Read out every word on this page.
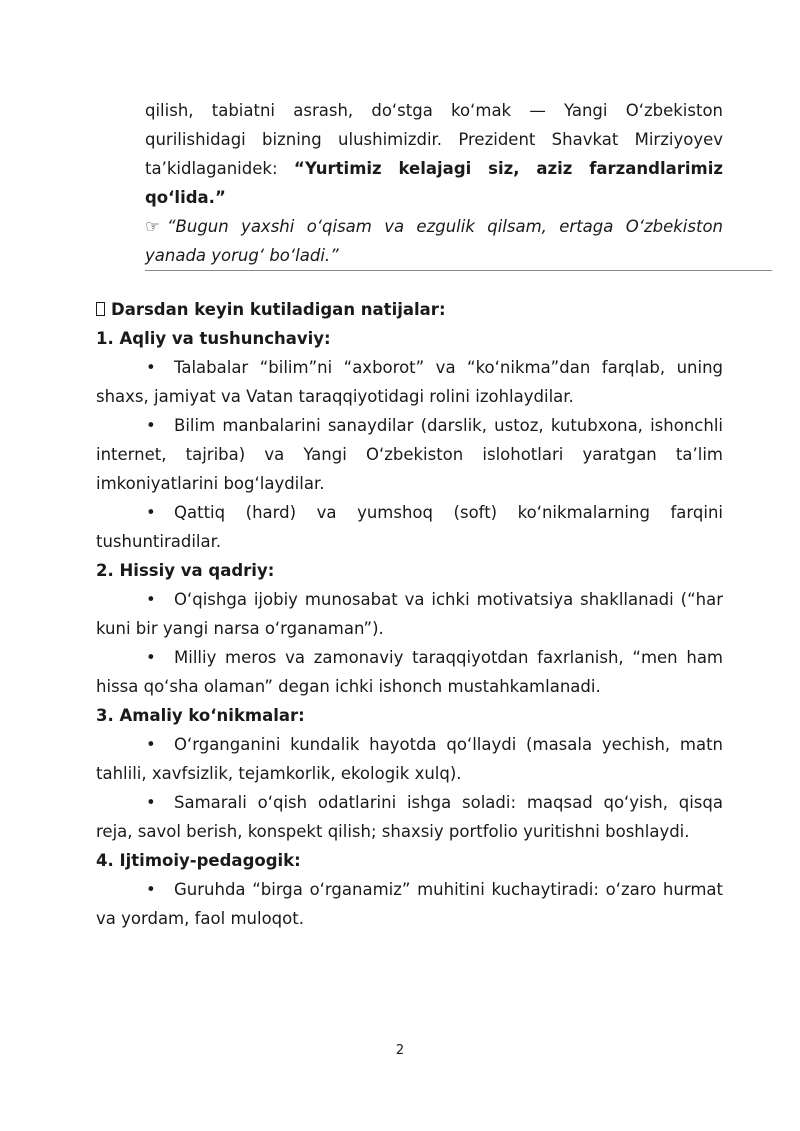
qilish, tabiatni asrash, do‘stga ko‘mak — Yangi O‘zbekiston qurilishidagi bizning ulushimizdir. Prezident Shavkat Mirziyoyev ta’kidlaganidek: “Yurtimiz kelajagi siz, aziz farzandlarimiz qo‘lida.”

☞ “Bugun yaxshi o‘qisam va ezgulik qilsam, ertaga O‘zbekiston yanada yorug‘ bo‘ladi.”

Darsdan keyin kutiladigan natijalar:

1. Aqliy va tushunchaviy:

• Talabalar “bilim”ni “axborot” va “ko‘nikma”dan farqlab, uning shaxs, jamiyat va Vatan taraqqiyotidagi rolini izohlaydilar.

• Bilim manbalarini sanaydilar (darslik, ustoz, kutubxona, ishonchli internet, tajriba) va Yangi O‘zbekiston islohotlari yaratgan ta’lim imkoniyatlarini bog‘laydilar.

• Qattiq (hard) va yumshoq (soft) ko‘nikmalarning farqini tushuntiradilar.

2. Hissiy va qadriy:

• O‘qishga ijobiy munosabat va ichki motivatsiya shakllanadi (“har kuni bir yangi narsa o‘rganaman”).

• Milliy meros va zamonaviy taraqqiyotdan faxrlanish, “men ham hissa qo‘sha olaman” degan ichki ishonch mustahkamlanadi.

3. Amaliy ko‘nikmalar:

• O‘rganganini kundalik hayotda qo‘llaydi (masala yechish, matn tahlili, xavfsizlik, tejamkorlik, ekologik xulq).

• Samarali o‘qish odatlarini ishga soladi: maqsad qo‘yish, qisqa reja, savol berish, konspekt qilish; shaxsiy portfolio yuritishni boshlaydi.

4. Ijtimoiy-pedagogik:

• Guruhda “birga o‘rganamiz” muhitini kuchaytiradi: o‘zaro hurmat va yordam, faol muloqot.

2
